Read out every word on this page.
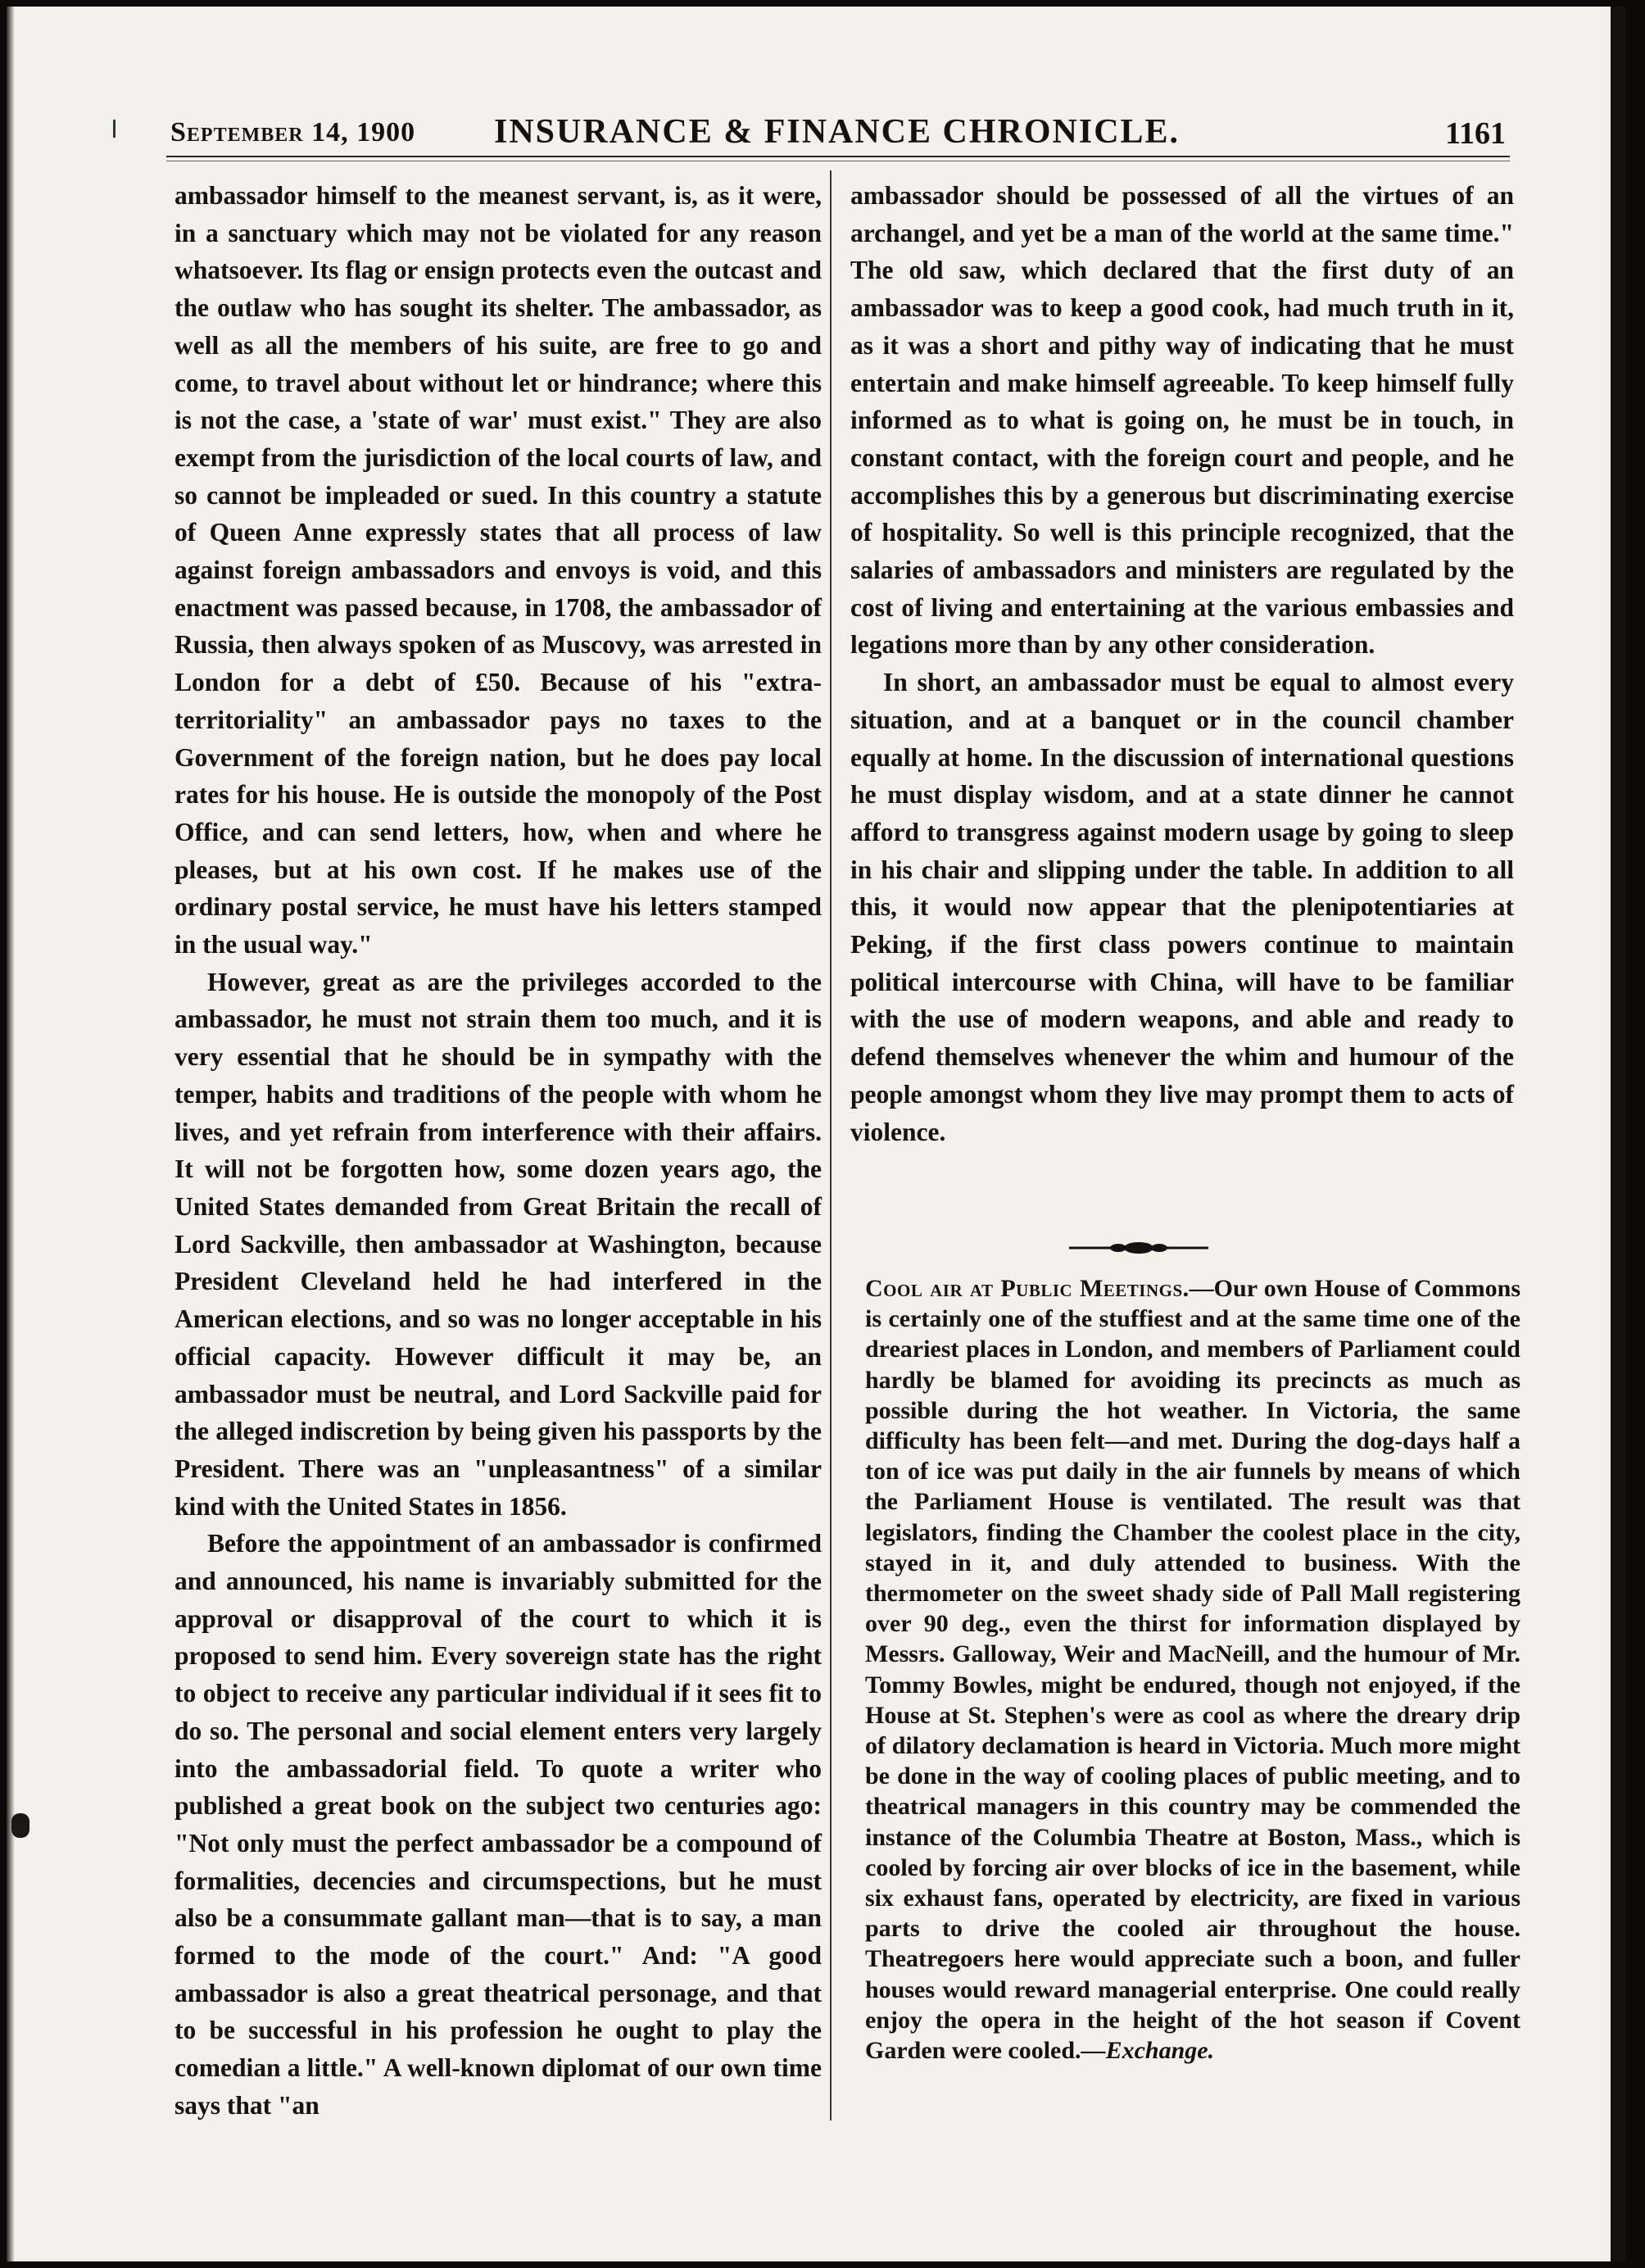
September 14, 1900 INSURANCE & FINANCE CHRONICLE.	1161

ambassador himself to the meanest servant, is, as it were, in a sanctuary which may not be violated for any reason whatsoever. Its flag or ensign protects even the outcast and the outlaw who has sought its shelter. The ambassador, as well as all the members of his suite, are free to go and come, to travel about without let or hindrance; where this is not the case, a 'state of war' must exist." They are also exempt from the jurisdiction of the local courts of law, and so cannot be impleaded or sued. In this country a statute of Queen Anne expressly states that all process of law against foreign ambassadors and envoys is void, and this enactment was passed because, in 1708, the ambassador of Russia, then always spoken of as Muscovy, was arrested in London for a debt of £50. Because of his "extra-territoriality" an ambassador pays no taxes to the Government of the foreign nation, but he does pay local rates for his house. He is outside the monopoly of the Post Office, and can send letters, how, when and where he pleases, but at his own cost. If he makes use of the ordinary postal service, he must have his letters stamped in the usual way."

However, great as are the privileges accorded to the ambassador, he must not strain them too much, and it is very essential that he should be in sympathy with the temper, habits and traditions of the people with whom he lives, and yet refrain from interference with their affairs. It will not be forgotten how, some dozen years ago, the United States demanded from Great Britain the recall of Lord Sackville, then ambassador at Washington, because President Cleveland held he had interfered in the American elections, and so was no longer acceptable in his official capacity. However difficult it may be, an ambassador must be neutral, and Lord Sackville paid for the alleged indiscretion by being given his passports by the President. There was an "unpleasantness" of a similar kind with the United States in 1856.

Before the appointment of an ambassador is confirmed and announced, his name is invariably submitted for the approval or disapproval of the court to which it is proposed to send him. Every sovereign state has the right to object to receive any particular individual if it sees fit to do so. The personal and social element enters very largely into the ambassadorial field. To quote a writer who published a great book on the subject two centuries ago: "Not only must the perfect ambassador be a compound of formalities, decencies and circumspections, but he must also be a consummate gallant man—that is to say, a man formed to the mode of the court." And: "A good ambassador is also a great theatrical personage, and that to be successful in his profession he ought to play the comedian a little." A well-known diplomat of our own time says that "an

ambassador should be possessed of all the virtues of an archangel, and yet be a man of the world at the same time." The old saw, which declared that the first duty of an ambassador was to keep a good cook, had much truth in it, as it was a short and pithy way of indicating that he must entertain and make himself agreeable. To keep himself fully informed as to what is going on, he must be in touch, in constant contact, with the foreign court and people, and he accomplishes this by a generous but discriminating exercise of hospitality. So well is this principle recognized, that the salaries of ambassadors and ministers are regulated by the cost of living and entertaining at the various embassies and legations more than by any other consideration.

In short, an ambassador must be equal to almost every situation, and at a banquet or in the council chamber equally at home. In the discussion of international questions he must display wisdom, and at a state dinner he cannot afford to transgress against modern usage by going to sleep in his chair and slipping under the table. In addition to all this, it would now appear that the plenipotentiaries at Peking, if the first class powers continue to maintain political intercourse with China, will have to be familiar with the use of modern weapons, and able and ready to defend themselves whenever the whim and humour of the people amongst whom they live may prompt them to acts of violence.

Cool air at Public Meetings.—Our own House of Commons is certainly one of the stuffiest and at the same time one of the dreariest places in London, and members of Parliament could hardly be blamed for avoiding its precincts as much as possible during the hot weather. In Victoria, the same difficulty has been felt—and met. During the dog-days half a ton of ice was put daily in the air funnels by means of which the Parliament House is ventilated. The result was that legislators, finding the Chamber the coolest place in the city, stayed in it, and duly attended to business. With the thermometer on the sweet shady side of Pall Mall registering over 90 deg., even the thirst for information displayed by Messrs. Galloway, Weir and MacNeill, and the humour of Mr. Tommy Bowles, might be endured, though not enjoyed, if the House at St. Stephen's were as cool as where the dreary drip of dilatory declamation is heard in Victoria. Much more might be done in the way of cooling places of public meeting, and to theatrical managers in this country may be commended the instance of the Columbia Theatre at Boston, Mass., which is cooled by forcing air over blocks of ice in the basement, while six exhaust fans, operated by electricity, are fixed in various parts to drive the cooled air throughout the house. Theatregoers here would appreciate such a boon, and fuller houses would reward managerial enterprise. One could really enjoy the opera in the height of the hot season if Covent Garden were cooled.—Exchange.
